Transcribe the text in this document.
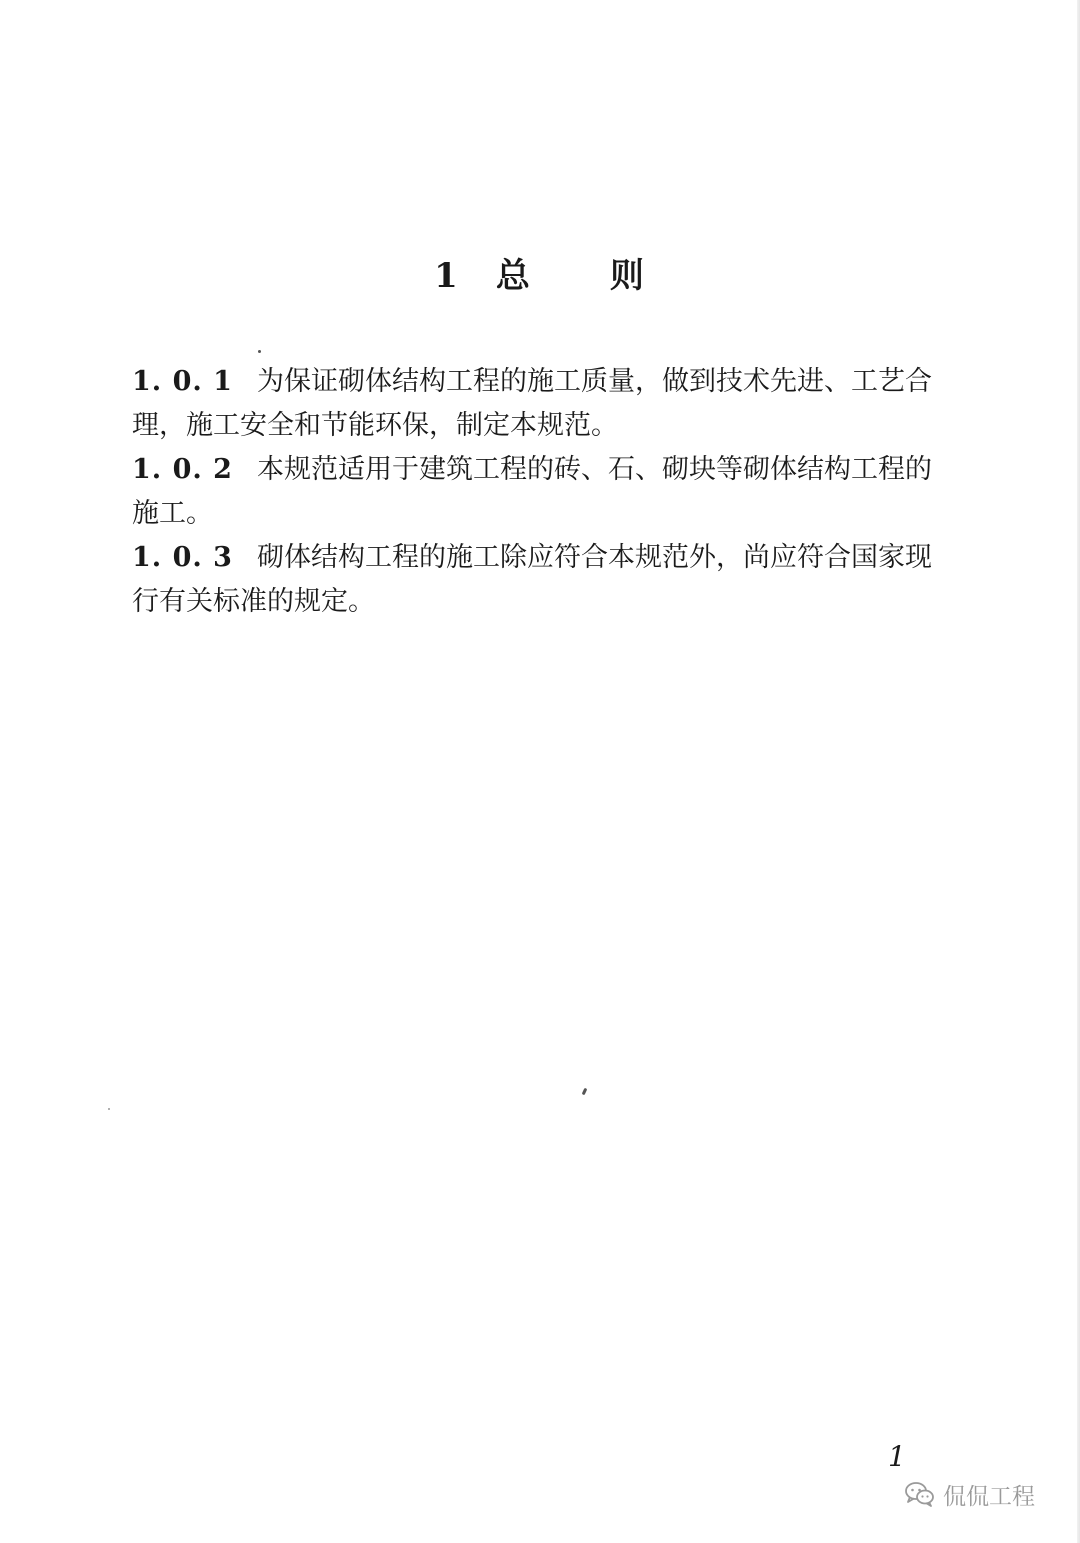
1 总 则

1. 0. 1 为保证砌体结构工程的施工质量，做到技术先进、工艺合理，施工安全和节能环保，制定本规范。

1. 0. 2 本规范适用于建筑工程的砖、石、砌块等砌体结构工程的施工。

1. 0. 3 砌体结构工程的施工除应符合本规范外，尚应符合国家现行有关标准的规定。

1
侃侃工程
